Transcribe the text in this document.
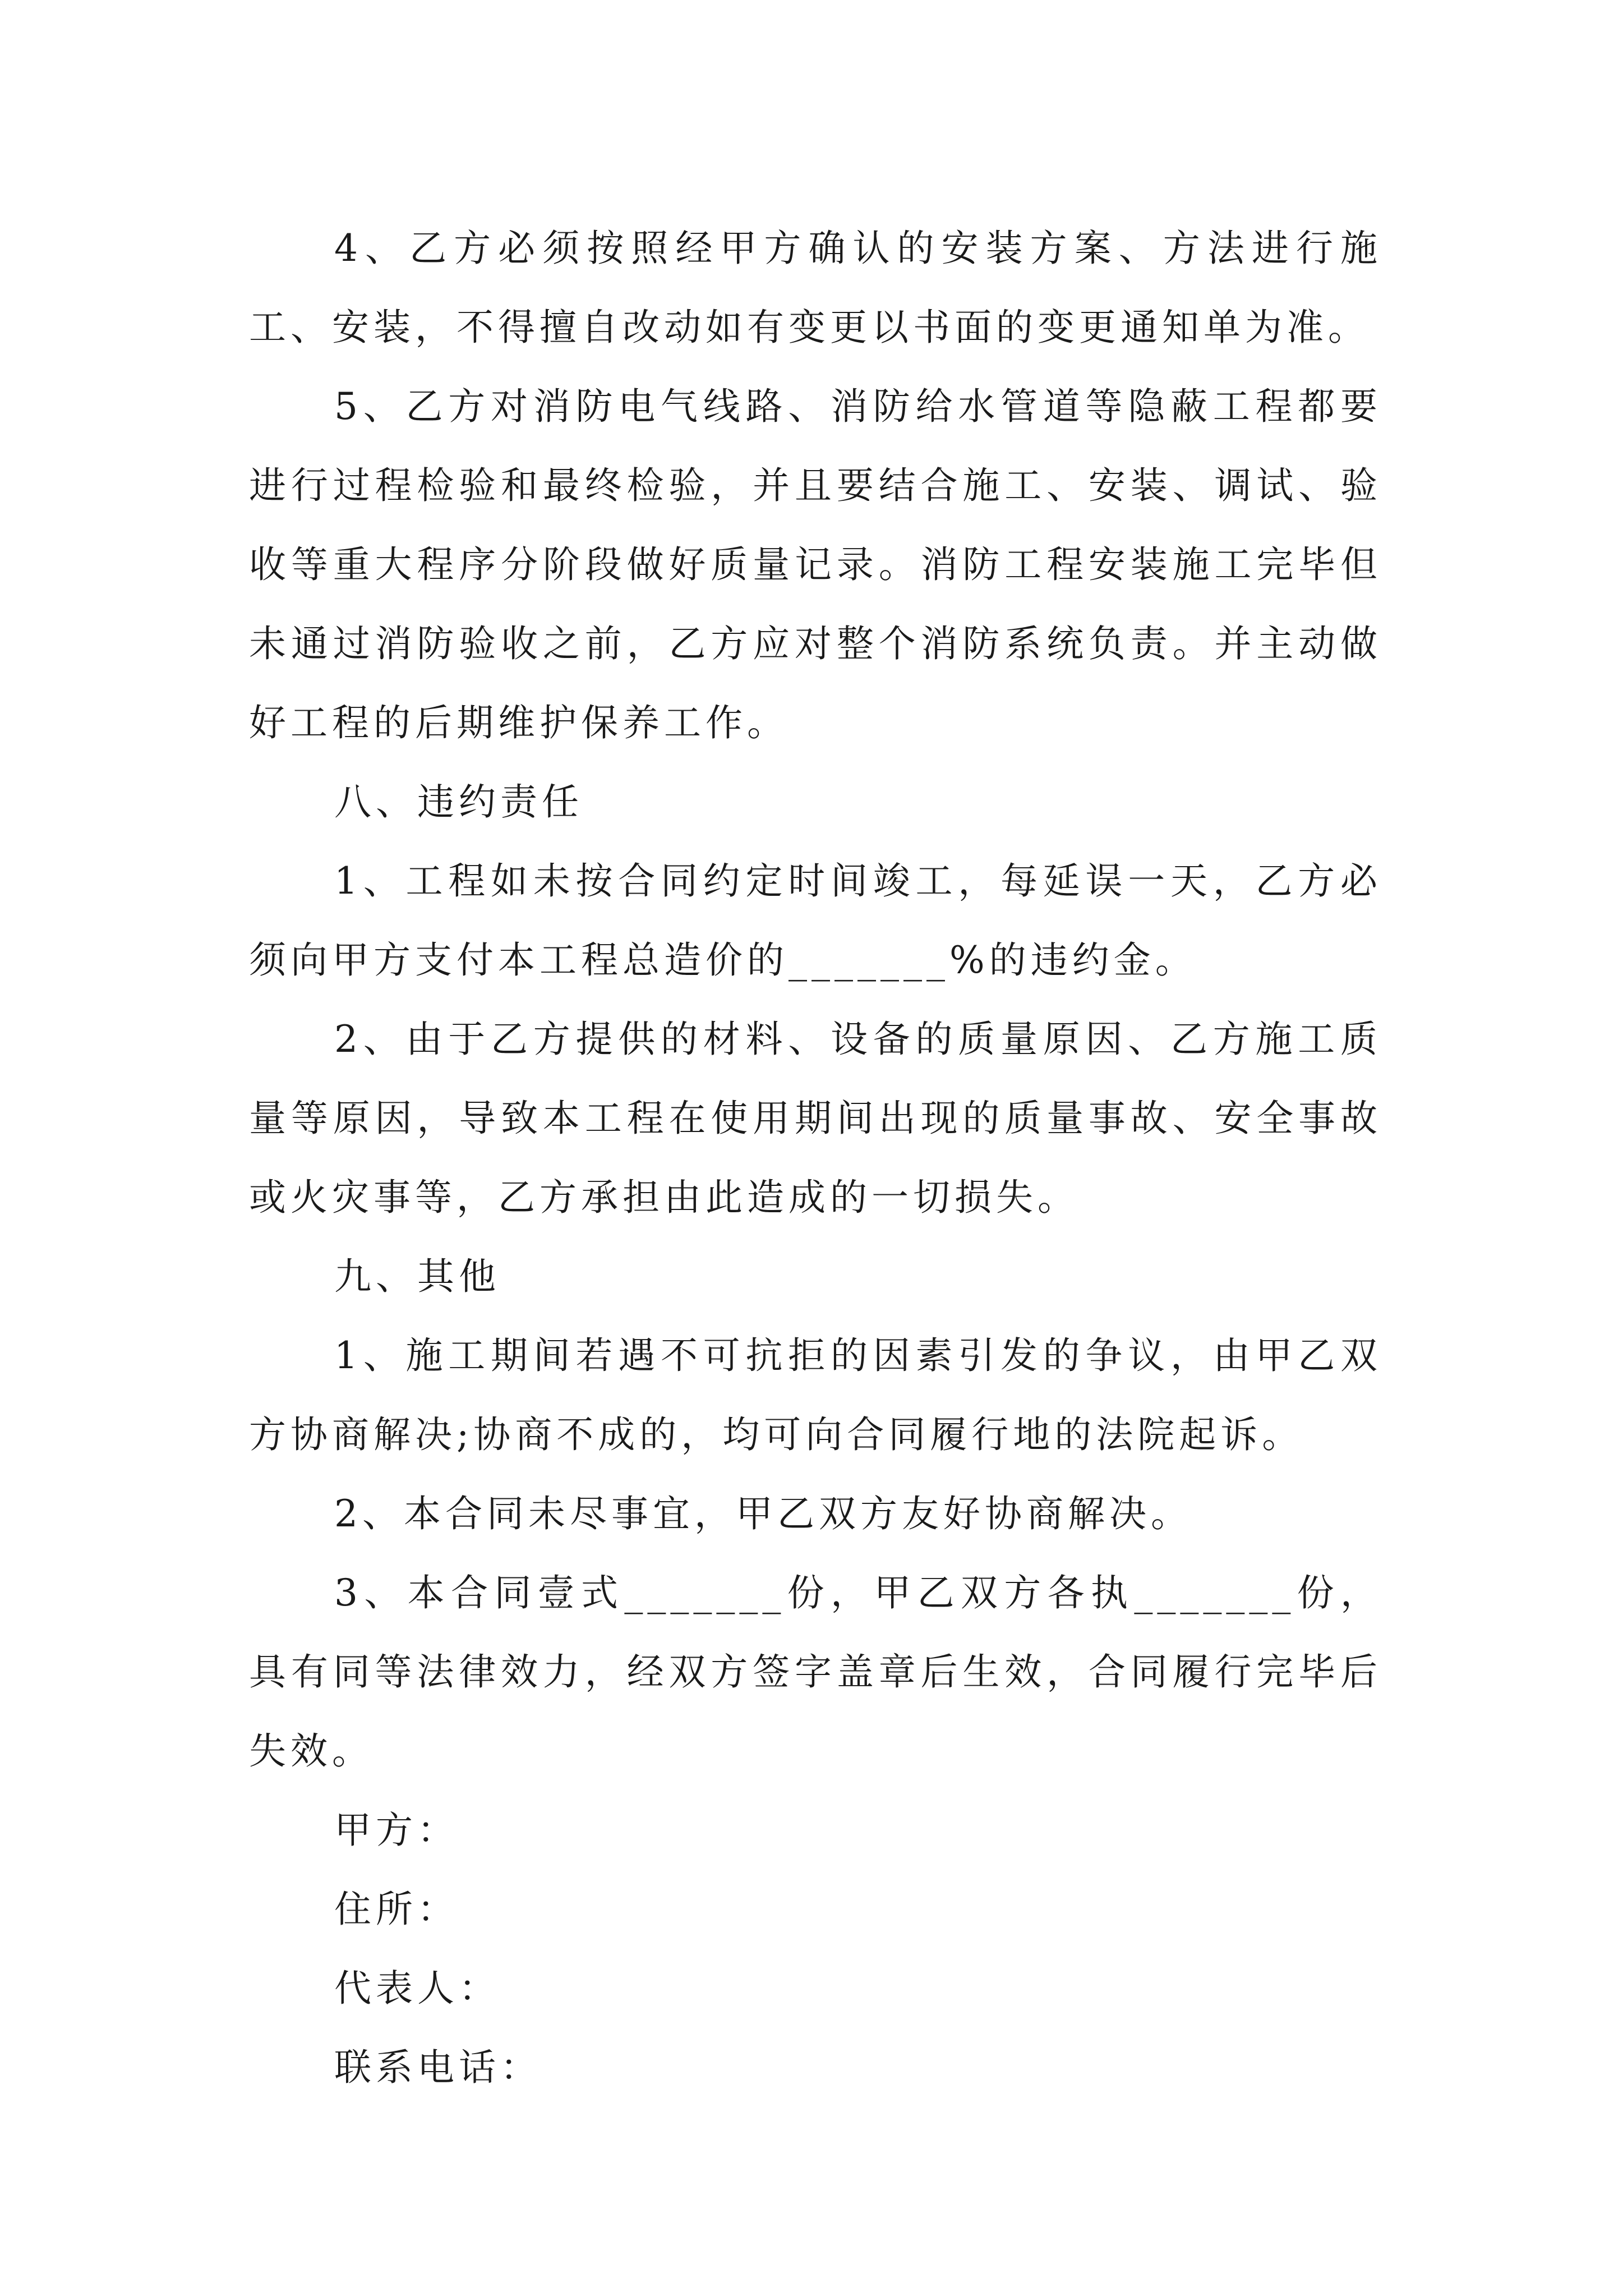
4、乙方必须按照经甲方确认的安装方案、方法进行施工、安装，不得擅自改动如有变更以书面的变更通知单为准。

5、乙方对消防电气线路、消防给水管道等隐蔽工程都要进行过程检验和最终检验，并且要结合施工、安装、调试、验收等重大程序分阶段做好质量记录。消防工程安装施工完毕但未通过消防验收之前，乙方应对整个消防系统负责。并主动做好工程的后期维护保养工作。

八、违约责任

1、工程如未按合同约定时间竣工，每延误一天，乙方必须向甲方支付本工程总造价的_______%的违约金。

2、由于乙方提供的材料、设备的质量原因、乙方施工质量等原因，导致本工程在使用期间出现的质量事故、安全事故或火灾事等，乙方承担由此造成的一切损失。

九、其他

1、施工期间若遇不可抗拒的因素引发的争议，由甲乙双方协商解决;协商不成的，均可向合同履行地的法院起诉。

2、本合同未尽事宜，甲乙双方友好协商解决。

3、本合同壹式_______份，甲乙双方各执_______份，具有同等法律效力，经双方签字盖章后生效，合同履行完毕后失效。

甲方：

住所：

代表人：

联系电话：
